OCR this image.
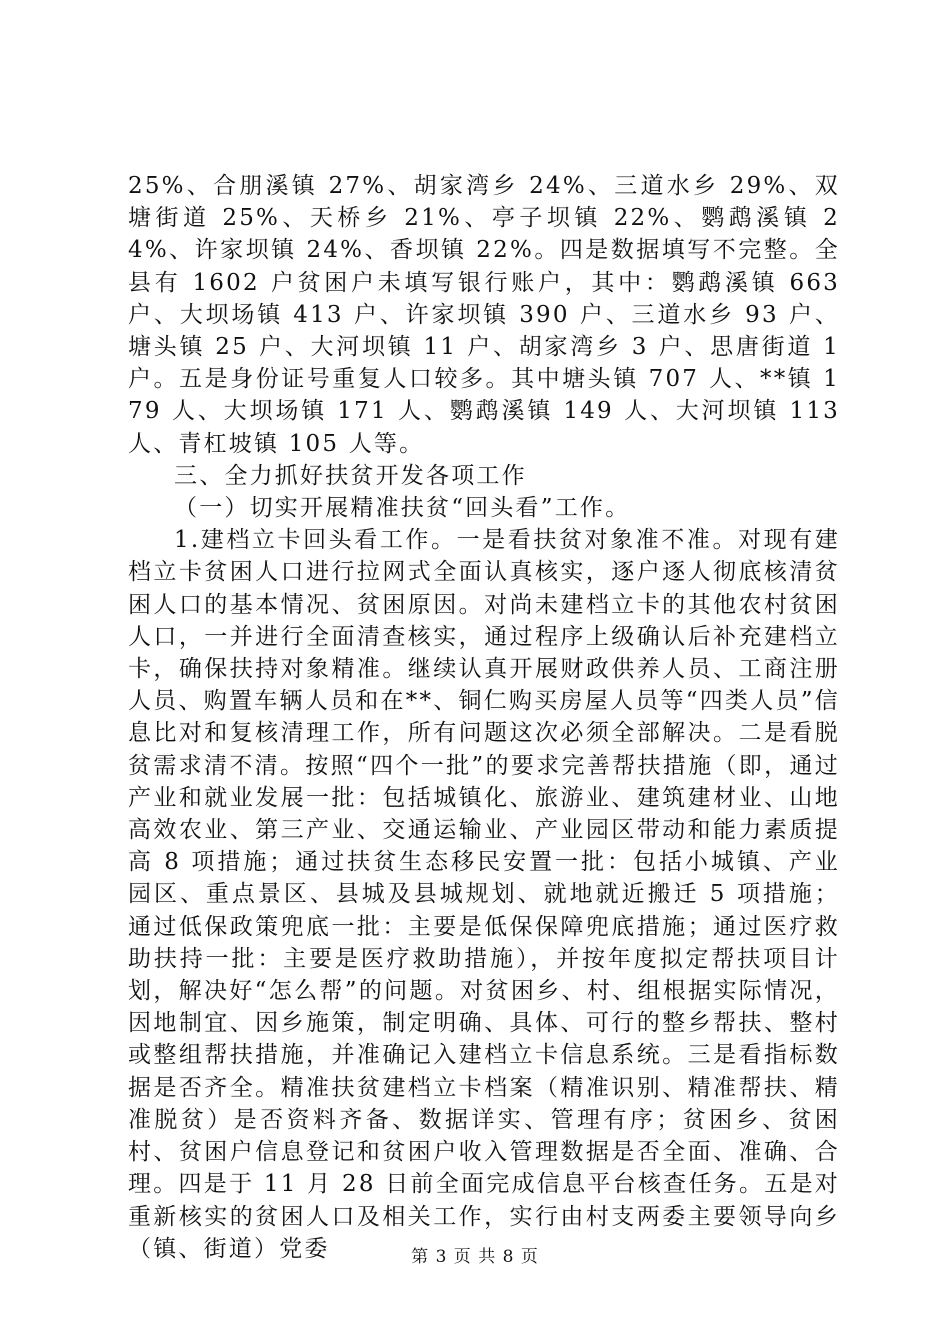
25%、合朋溪镇 27%、胡家湾乡 24%、三道水乡 29%、双塘街道 25%、天桥乡 21%、亭子坝镇 22%、鹦鹉溪镇 24%、许家坝镇 24%、香坝镇 22%。四是数据填写不完整。全县有 1602 户贫困户未填写银行账户，其中：鹦鹉溪镇 663 户、大坝场镇 413 户、许家坝镇 390 户、三道水乡 93 户、塘头镇 25 户、大河坝镇 11 户、胡家湾乡 3 户、思唐街道 1 户。五是身份证号重复人口较多。其中塘头镇 707 人、**镇 179 人、大坝场镇 171 人、鹦鹉溪镇 149 人、大河坝镇 113 人、青杠坡镇 105 人等。

三、全力抓好扶贫开发各项工作

（一）切实开展精准扶贫“回头看”工作。

1.建档立卡回头看工作。一是看扶贫对象准不准。对现有建档立卡贫困人口进行拉网式全面认真核实，逐户逐人彻底核清贫困人口的基本情况、贫困原因。对尚未建档立卡的其他农村贫困人口，一并进行全面清查核实，通过程序上级确认后补充建档立卡，确保扶持对象精准。继续认真开展财政供养人员、工商注册人员、购置车辆人员和在**、铜仁购买房屋人员等“四类人员”信息比对和复核清理工作，所有问题这次必须全部解决。二是看脱贫需求清不清。按照“四个一批”的要求完善帮扶措施（即，通过产业和就业发展一批：包括城镇化、旅游业、建筑建材业、山地高效农业、第三产业、交通运输业、产业园区带动和能力素质提高 8 项措施；通过扶贫生态移民安置一批：包括小城镇、产业园区、重点景区、县城及县城规划、就地就近搬迁 5 项措施；通过低保政策兜底一批：主要是低保保障兜底措施；通过医疗救助扶持一批：主要是医疗救助措施），并按年度拟定帮扶项目计划，解决好“怎么帮”的问题。对贫困乡、村、组根据实际情况，因地制宜、因乡施策，制定明确、具体、可行的整乡帮扶、整村或整组帮扶措施，并准确记入建档立卡信息系统。三是看指标数据是否齐全。精准扶贫建档立卡档案（精准识别、精准帮扶、精准脱贫）是否资料齐备、数据详实、管理有序；贫困乡、贫困村、贫困户信息登记和贫困户收入管理数据是否全面、准确、合理。四是于 11 月 28 日前全面完成信息平台核查任务。五是对重新核实的贫困人口及相关工作，实行由村支两委主要领导向乡（镇、街道）党委	第 3 页 共 8 页
